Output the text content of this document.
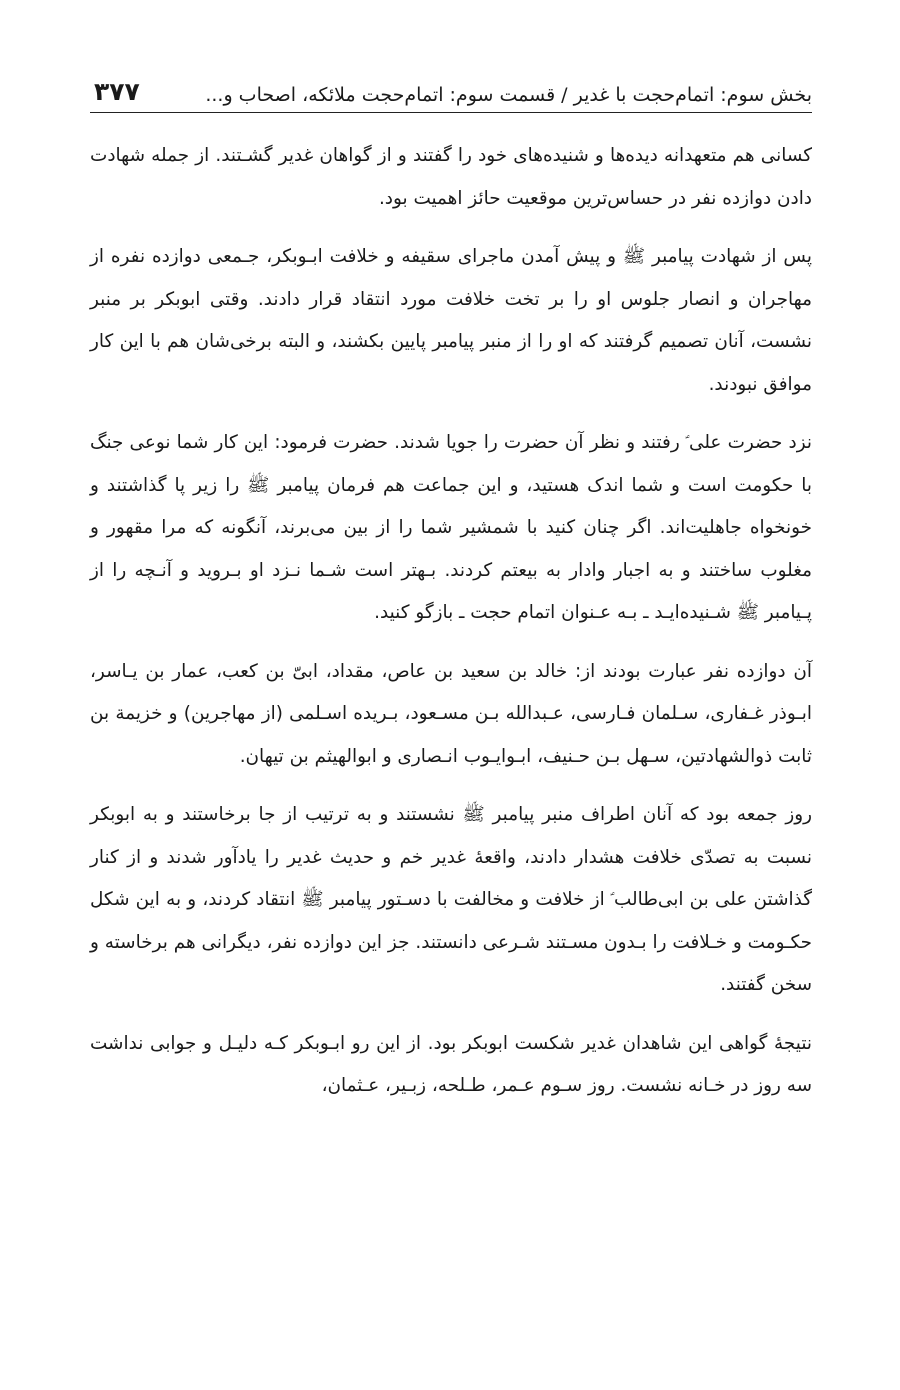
بخش سوم: اتمام‌حجت با غدیر / قسمت سوم: اتمام‌حجت ملائکه، اصحاب و...
۳۷۷

کسانی هم متعهدانه دیده‌ها و شنیده‌های خود را گفتند و از گواهان غدیر گشـتند. از جمله شهادت دادن دوازده نفر در حساس‌ترین موقعیت حائز اهمیت بود.

پس از شهادت پیامبر ﷺ و پیش آمدن ماجرای سقیفه و خلافت ابـوبکر، جـمعی دوازده نفره از مهاجران و انصار جلوس او را بر تخت خلافت مورد انتقاد قرار دادند. وقتی ابوبکر بر منبر نشست، آنان تصمیم گرفتند که او را از منبر پیامبر پایین بکشند، و البته برخی‌شان هم با این کار موافق نبودند.

نزد حضرت علی ؑ رفتند و نظر آن حضرت را جویا شدند. حضرت فرمود: این کار شما نوعی جنگ با حکومت است و شما اندک هستید، و این جماعت هم فرمان پیامبر ﷺ را زیر پا گذاشتند و خونخواه جاهلیت‌اند. اگر چنان کنید با شمشیر شما را از بین می‌برند، آنگونه که مرا مقهور و مغلوب ساختند و به اجبار وادار به بیعتم کردند. بـهتر است شـما نـزد او بـروید و آنـچه را از پـیامبر ﷺ شـنیده‌ایـد ـ بـه عـنوان اتمام حجت ـ بازگو کنید.

آن دوازده نفر عبارت بودند از: خالد بن سعید بن عاص، مقداد، ابیّ بن کعب، عمار بن یـاسر، ابـوذر غـفاری، سـلمان فـارسی، عـبدالله بـن مسـعود، بـریده اسـلمی (از مهاجرین) و خزیمة بن ثابت ذوالشهادتین، سـهل بـن حـنیف، ابـوایـوب انـصاری و ابوالهیثم بن تیهان.

روز جمعه بود که آنان اطراف منبر پیامبر ﷺ نشستند و به ترتیب از جا برخاستند و به ابوبکر نسبت به تصدّی خلافت هشدار دادند، واقعهٔ غدیر خم و حدیث غدیر را یادآور شدند و از کنار گذاشتن علی بن ابی‌طالب ؑ از خلافت و مخالفت با دسـتور پیامبر ﷺ انتقاد کردند، و به این شکل حکـومت و خـلافت را بـدون مسـتند شـرعی دانستند. جز این دوازده نفر، دیگرانی هم برخاسته و سخن گفتند.

نتیجهٔ گواهی این شاهدان غدیر شکست ابوبکر بود. از این رو ابـوبکر کـه دلیـل و جوابی نداشت سه روز در خـانه نشست. روز سـوم عـمر، طـلحه، زبـیر، عـثمان،
